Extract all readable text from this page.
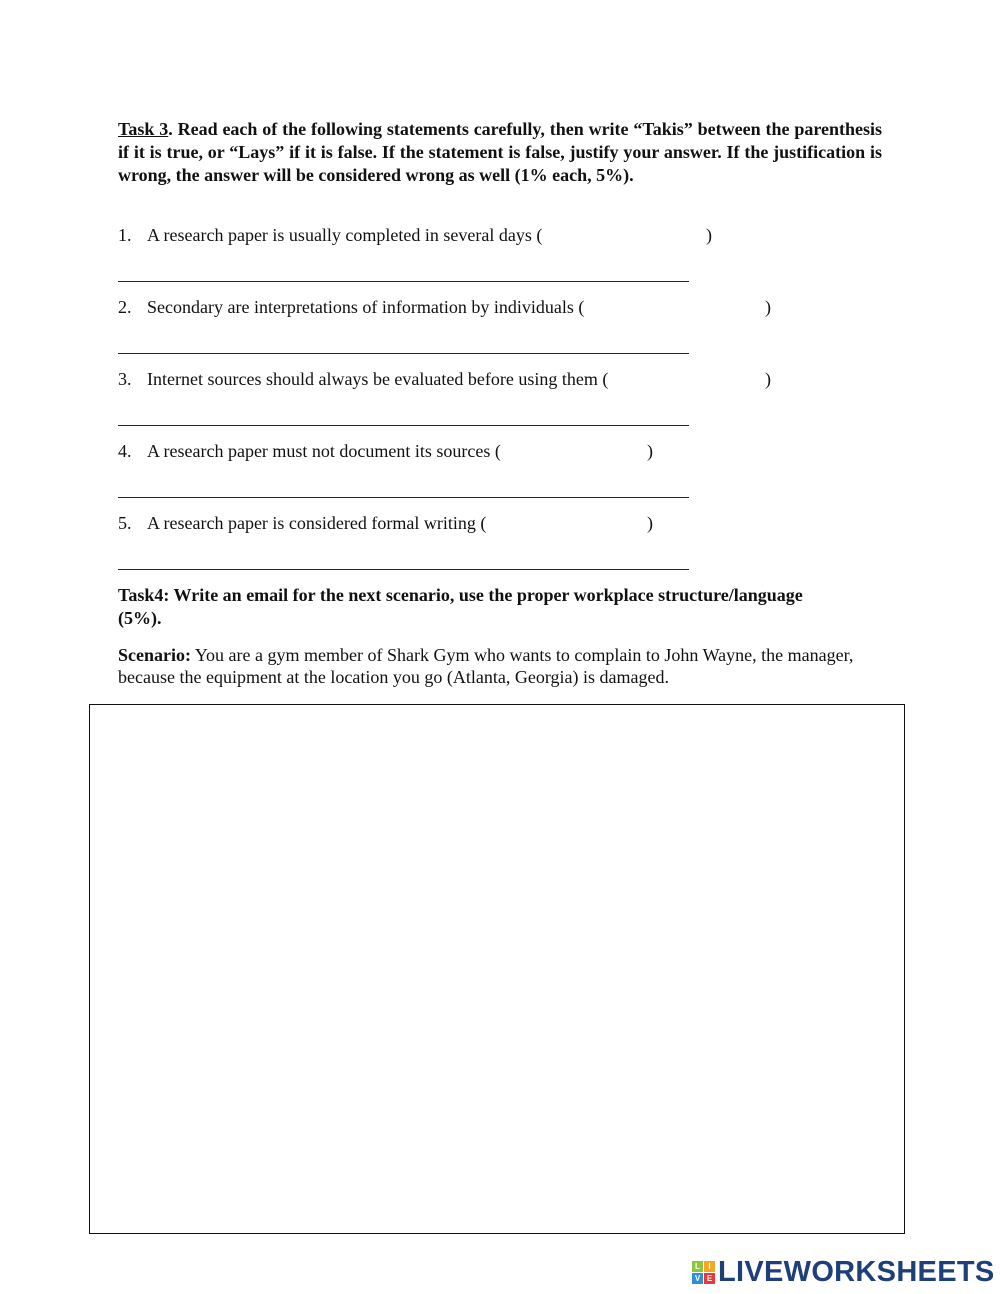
Task 3. Read each of the following statements carefully, then write “Takis” between the parenthesis if it is true, or “Lays” if it is false. If the statement is false, justify your answer. If the justification is wrong, the answer will be considered wrong as well (1% each, 5%).
1. A research paper is usually completed in several days (	)
2. Secondary are interpretations of information by individuals (	)
3. Internet sources should always be evaluated before using them (	)
4. A research paper must not document its sources (	)
5. A research paper is considered formal writing (	)
Task4: Write an email for the next scenario, use the proper workplace structure/language (5%).
Scenario: You are a gym member of Shark Gym who wants to complain to John Wayne, the manager, because the equipment at the location you go (Atlanta, Georgia) is damaged.
L	I
V E LIVEWORKSHEETS
